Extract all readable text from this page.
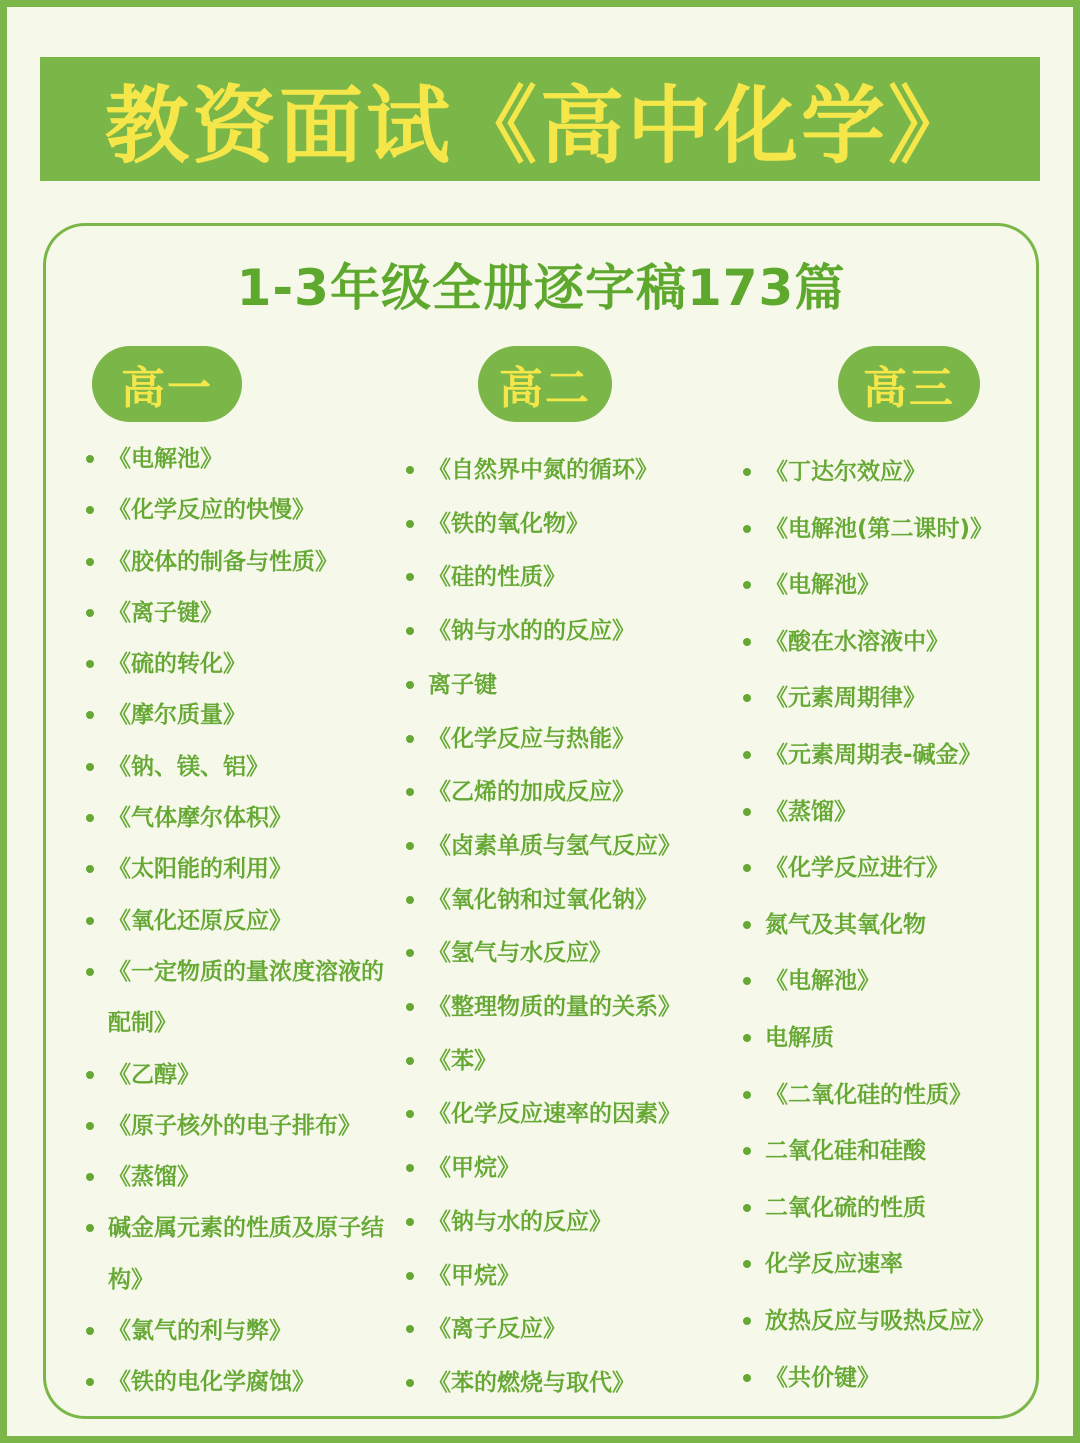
教资面试《高中化学》
1-3年级全册逐字稿173篇
高一
《电解池》
《化学反应的快慢》
《胶体的制备与性质》
《离子键》
《硫的转化》
《摩尔质量》
《钠、镁、铝》
《气体摩尔体积》
《太阳能的利用》
《氧化还原反应》
《一定物质的量浓度溶液的配制》
《乙醇》
《原子核外的电子排布》
《蒸馏》
碱金属元素的性质及原子结构》
《氯气的利与弊》
《铁的电化学腐蚀》
高二
《自然界中氮的循环》
《铁的氧化物》
《硅的性质》
《钠与水的的反应》
离子键
《化学反应与热能》
《乙烯的加成反应》
《卤素单质与氢气反应》
《氧化钠和过氧化钠》
《氢气与水反应》
《整理物质的量的关系》
《苯》
《化学反应速率的因素》
《甲烷》
《钠与水的反应》
《甲烷》
《离子反应》
《苯的燃烧与取代》
高三
《丁达尔效应》
《电解池(第二课时)》
《电解池》
《酸在水溶液中》
《元素周期律》
《元素周期表-碱金》
《蒸馏》
《化学反应进行》
氮气及其氧化物
《电解池》
电解质
《二氧化硅的性质》
二氧化硅和硅酸
二氧化硫的性质
化学反应速率
放热反应与吸热反应》
《共价键》
